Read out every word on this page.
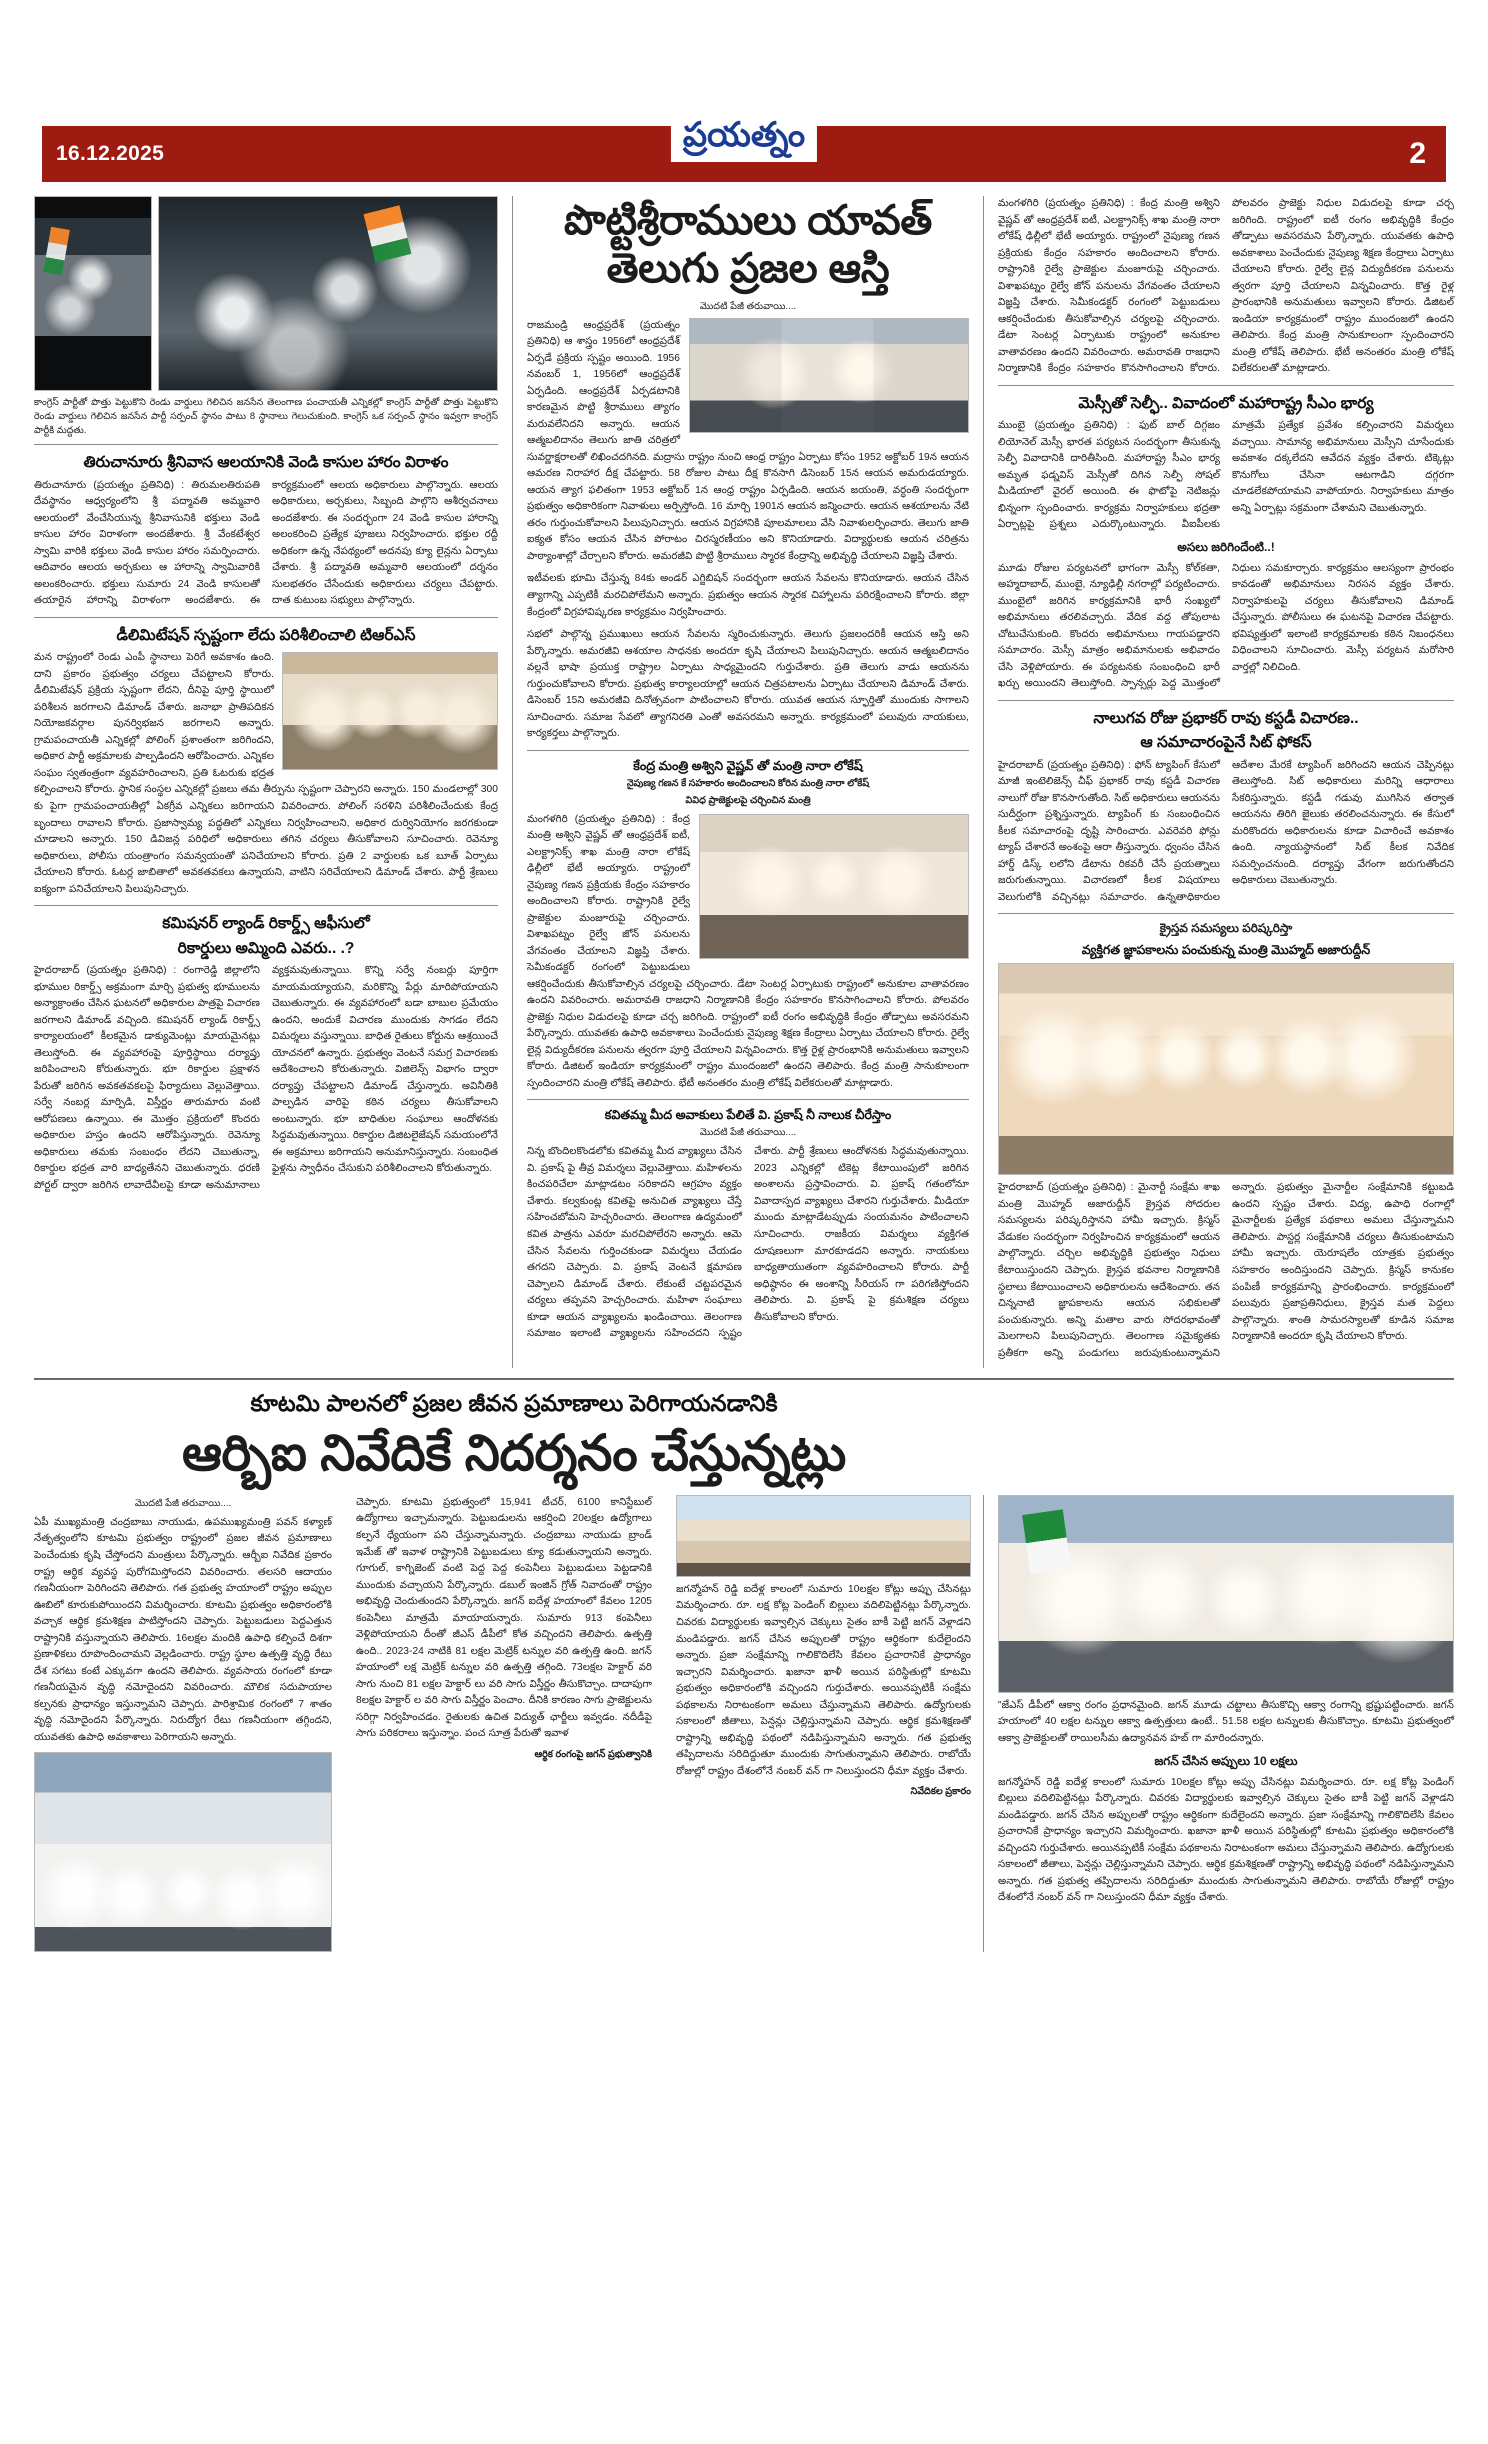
16.12.2025	ప్రయత్నం	2
కాంగ్రెస్ పార్టీతో పొత్తు పెట్టుకొని రెండు వార్డులు గెలిచిన జనసేన తెలంగాణ పంచాయతీ ఎన్నికల్లో కాంగ్రెస్ పార్టీతో పొత్తు పెట్టుకొని రెండు వార్డులు గెలిచిన జనసేన పార్టీ సర్పంచ్ స్థానం పాటు 8 స్థానాలు గెలుచుకుంది. కాంగ్రెస్ ఒక సర్పంచ్ స్థానం ఇవ్వగా కాంగ్రెస్ పార్టీకి మద్దతు.
తిరుచానూరు శ్రీనివాస ఆలయానికి వెండి కాసుల హారం విరాళం
తిరుచానూరు (ప్రయత్నం ప్రతినిధి) : తిరుమలతిరుపతి దేవస్థానం ఆధ్వర్యంలోని శ్రీ పద్మావతి అమ్మవారి ఆలయంలో వేంచేసియున్న శ్రీనివాసునికి భక్తులు వెండి కాసుల హారం విరాళంగా అందజేశారు. శ్రీ వేంకటేశ్వర స్వామి వారికి భక్తులు వెండి కాసుల హారం సమర్పించారు. ఆదివారం ఆలయ అర్చకులు ఆ హారాన్ని స్వామివారికి అలంకరించారు. భక్తులు సుమారు 24 వెండి కాసులతో తయారైన హారాన్ని విరాళంగా అందజేశారు. ఈ కార్యక్రమంలో ఆలయ అధికారులు పాల్గొన్నారు. ఆలయ అధికారులు, అర్చకులు, సిబ్బంది పాల్గొని ఆశీర్వచనాలు అందజేశారు. ఈ సందర్భంగా 24 వెండి కాసుల హారాన్ని అలంకరించి ప్రత్యేక పూజలు నిర్వహించారు. భక్తుల రద్దీ అధికంగా ఉన్న నేపథ్యంలో అదనపు క్యూ లైన్లను ఏర్పాటు చేశారు. శ్రీ పద్మావతి అమ్మవారి ఆలయంలో దర్శనం సులభతరం చేసేందుకు అధికారులు చర్యలు చేపట్టారు. దాత కుటుంబ సభ్యులు పాల్గొన్నారు.
డీలిమిటేషన్ స్పష్టంగా లేదు పరిశీలించాలి టిఆర్ఎస్
మన రాష్ట్రంలో రెండు ఎంపీ స్థానాలు పెరిగే అవకాశం ఉంది. దాని ప్రకారం ప్రభుత్వం చర్యలు చేపట్టాలని కోరారు. డీలిమిటేషన్ ప్రక్రియ స్పష్టంగా లేదని, దీనిపై పూర్తి స్థాయిలో పరిశీలన జరగాలని డిమాండ్ చేశారు. జనాభా ప్రాతిపదికన నియోజకవర్గాల పునర్విభజన జరగాలని అన్నారు. గ్రామపంచాయతీ ఎన్నికల్లో పోలింగ్ ప్రశాంతంగా జరిగిందని, అధికార పార్టీ అక్రమాలకు పాల్పడిందని ఆరోపించారు. ఎన్నికల సంఘం స్వతంత్రంగా వ్యవహరించాలని, ప్రతి ఓటరుకు భద్రత కల్పించాలని కోరారు. స్థానిక సంస్థల ఎన్నికల్లో ప్రజలు తమ తీర్పును స్పష్టంగా చెప్పారని అన్నారు. 150 మండలాల్లో 300 కు పైగా గ్రామపంచాయతీల్లో ఏకగ్రీవ ఎన్నికలు జరిగాయని వివరించారు. పోలింగ్ సరళిని పరిశీలించేందుకు కేంద్ర బృందాలు రావాలని కోరారు. ప్రజాస్వామ్య పద్ధతిలో ఎన్నికలు నిర్వహించాలని, అధికార దుర్వినియోగం జరగకుండా చూడాలని అన్నారు. 150 డివిజన్ల పరిధిలో అధికారులు తగిన చర్యలు తీసుకోవాలని సూచించారు. రెవెన్యూ అధికారులు, పోలీసు యంత్రాంగం సమన్వయంతో పనిచేయాలని కోరారు. ప్రతి 2 వార్డులకు ఒక బూత్ ఏర్పాటు చేయాలని కోరారు. ఓటర్ల జాబితాలో అవకతవకలు ఉన్నాయని, వాటిని సరిచేయాలని డిమాండ్ చేశారు. పార్టీ శ్రేణులు ఐక్యంగా పనిచేయాలని పిలుపునిచ్చారు.
కమిషనర్ ల్యాండ్ రికార్డ్స్ ఆఫీసులో
రికార్డులు అమ్మింది ఎవరు.. .?
హైదరాబాద్ (ప్రయత్నం ప్రతినిధి) : రంగారెడ్డి జిల్లాలోని భూముల రికార్డ్స్ అక్రమంగా మార్చి ప్రభుత్వ భూములను అన్యాక్రాంతం చేసిన ఘటనలో అధికారుల పాత్రపై విచారణ జరగాలని డిమాండ్ వచ్చింది. కమిషనర్ ల్యాండ్ రికార్డ్స్ కార్యాలయంలో కీలకమైన డాక్యుమెంట్లు మాయమైనట్లు తెలుస్తోంది. ఈ వ్యవహారంపై పూర్తిస్థాయి దర్యాప్తు జరిపించాలని కోరుతున్నారు. భూ రికార్డుల ప్రక్షాళన పేరుతో జరిగిన అవకతవకలపై ఫిర్యాదులు వెల్లువెత్తాయి. సర్వే నంబర్ల మార్పిడి, విస్తీర్ణం తారుమారు వంటి ఆరోపణలు ఉన్నాయి. ఈ మొత్తం ప్రక్రియలో కొందరు అధికారుల హస్తం ఉందని ఆరోపిస్తున్నారు. రెవెన్యూ అధికారులు తమకు సంబంధం లేదని చెబుతున్నా, రికార్డుల భద్రత వారి బాధ్యతేనని చెబుతున్నారు. ధరణి పోర్టల్ ద్వారా జరిగిన లావాదేవీలపై కూడా అనుమానాలు వ్యక్తమవుతున్నాయి. కొన్ని సర్వే నంబర్లు పూర్తిగా మాయమయ్యాయని, మరికొన్ని పేర్లు మారిపోయాయని చెబుతున్నారు. ఈ వ్యవహారంలో బడా బాబుల ప్రమేయం ఉందని, అందుకే విచారణ ముందుకు సాగడం లేదని విమర్శలు వస్తున్నాయి. బాధిత రైతులు కోర్టును ఆశ్రయించే యోచనలో ఉన్నారు. ప్రభుత్వం వెంటనే సమగ్ర విచారణకు ఆదేశించాలని కోరుతున్నారు. విజిలెన్స్ విభాగం ద్వారా దర్యాప్తు చేపట్టాలని డిమాండ్ చేస్తున్నారు. అవినీతికి పాల్పడిన వారిపై కఠిన చర్యలు తీసుకోవాలని అంటున్నారు. భూ బాధితుల సంఘాలు ఆందోళనకు సిద్ధమవుతున్నాయి. రికార్డుల డిజిటలైజేషన్ సమయంలోనే ఈ అక్రమాలు జరిగాయని అనుమానిస్తున్నారు. సంబంధిత ఫైళ్లను స్వాధీనం చేసుకుని పరిశీలించాలని కోరుతున్నారు.
పొట్టిశ్రీరాములు యావత్ తెలుగు ప్రజల ఆస్తి
మొదటి పేజీ తరువాయి....
రాజమండ్రి ఆంధ్రప్రదేశ్ (ప్రయత్నం ప్రతినిధి) ఆ శాస్త్రం 1956లో ఆంధ్రప్రదేశ్ ఏర్పడే ప్రక్రియ స్పష్టం అయింది. 1956 నవంబర్ 1, 1956లో ఆంధ్రప్రదేశ్ ఏర్పడింది. ఆంధ్రప్రదేశ్ ఏర్పడటానికి కారణమైన పొట్టి శ్రీరాములు త్యాగం మరువలేనిదని అన్నారు. ఆయన ఆత్మబలిదానం తెలుగు జాతి చరిత్రలో సువర్ణాక్షరాలతో లిఖించదగినది. మద్రాసు రాష్ట్రం నుంచి ఆంధ్ర రాష్ట్రం ఏర్పాటు కోసం 1952 అక్టోబర్ 19న ఆయన ఆమరణ నిరాహార దీక్ష చేపట్టారు. 58 రోజుల పాటు దీక్ష కొనసాగి డిసెంబర్ 15న ఆయన అమరుడయ్యారు. ఆయన త్యాగ ఫలితంగా 1953 అక్టోబర్ 1న ఆంధ్ర రాష్ట్రం ఏర్పడింది. ఆయన జయంతి, వర్ధంతి సందర్భంగా ప్రభుత్వం అధికారికంగా నివాళులు అర్పిస్తోంది. 16 మార్చి 1901న ఆయన జన్మించారు. ఆయన ఆశయాలను నేటి తరం గుర్తుంచుకోవాలని పిలుపునిచ్చారు. ఆయన విగ్రహానికి పూలమాలలు వేసి నివాళులర్పించారు. తెలుగు జాతి ఐక్యత కోసం ఆయన చేసిన పోరాటం చిరస్మరణీయం అని కొనియాడారు. విద్యార్థులకు ఆయన చరిత్రను పాఠ్యాంశాల్లో చేర్చాలని కోరారు. అమరజీవి పొట్టి శ్రీరాములు స్మారక కేంద్రాన్ని అభివృద్ధి చేయాలని విజ్ఞప్తి చేశారు.
ఇటీవలకు భూమి చేస్తున్న 84కు అండర్ ఎగ్జిబిషన్ సందర్భంగా ఆయన సేవలను కొనియాడారు. ఆయన చేసిన త్యాగాన్ని ఎప్పటికీ మరచిపోలేమని అన్నారు. ప్రభుత్వం ఆయన స్మారక చిహ్నాలను పరిరక్షించాలని కోరారు. జిల్లా కేంద్రంలో విగ్రహావిష్కరణ కార్యక్రమం నిర్వహించారు.
సభలో పాల్గొన్న ప్రముఖులు ఆయన సేవలను స్మరించుకున్నారు. తెలుగు ప్రజలందరికీ ఆయన ఆస్తి అని పేర్కొన్నారు. అమరజీవి ఆశయాల సాధనకు అందరూ కృషి చేయాలని పిలుపునిచ్చారు. ఆయన ఆత్మబలిదానం వల్లనే భాషా ప్రయుక్త రాష్ట్రాల ఏర్పాటు సాధ్యమైందని గుర్తుచేశారు. ప్రతి తెలుగు వాడు ఆయనను గుర్తుంచుకోవాలని కోరారు. ప్రభుత్వ కార్యాలయాల్లో ఆయన చిత్రపటాలను ఏర్పాటు చేయాలని డిమాండ్ చేశారు. డిసెంబర్ 15ని అమరజీవి దినోత్సవంగా పాటించాలని కోరారు. యువత ఆయన స్ఫూర్తితో ముందుకు సాగాలని సూచించారు. సమాజ సేవలో త్యాగనిరతి ఎంతో అవసరమని అన్నారు. కార్యక్రమంలో పలువురు నాయకులు, కార్యకర్తలు పాల్గొన్నారు.
కేంద్ర మంత్రి అశ్విని వైష్ణవ్ తో మంత్రి నారా లోకేష్
నైపుణ్య గణన కే సహకారం అందించాలని కోరిన మంత్రి నారా లోకేష్
వివిధ ప్రాజెక్టులపై చర్చించిన మంత్రి
మంగళగిరి (ప్రయత్నం ప్రతినిధి) : కేంద్ర మంత్రి అశ్విని వైష్ణవ్ తో ఆంధ్రప్రదేశ్ ఐటీ, ఎలక్ట్రానిక్స్ శాఖ మంత్రి నారా లోకేష్ ఢిల్లీలో భేటీ అయ్యారు. రాష్ట్రంలో నైపుణ్య గణన ప్రక్రియకు కేంద్రం సహకారం అందించాలని కోరారు. రాష్ట్రానికి రైల్వే ప్రాజెక్టుల మంజూరుపై చర్చించారు. విశాఖపట్నం రైల్వే జోన్ పనులను వేగవంతం చేయాలని విజ్ఞప్తి చేశారు. సెమీకండక్టర్ రంగంలో పెట్టుబడులు ఆకర్షించేందుకు తీసుకోవాల్సిన చర్యలపై చర్చించారు. డేటా సెంటర్ల ఏర్పాటుకు రాష్ట్రంలో అనుకూల వాతావరణం ఉందని వివరించారు. అమరావతి రాజధాని నిర్మాణానికి కేంద్రం సహకారం కొనసాగించాలని కోరారు. పోలవరం ప్రాజెక్టు నిధుల విడుదలపై కూడా చర్చ జరిగింది. రాష్ట్రంలో ఐటీ రంగం అభివృద్ధికి కేంద్రం తోడ్పాటు అవసరమని పేర్కొన్నారు. యువతకు ఉపాధి అవకాశాలు పెంచేందుకు నైపుణ్య శిక్షణ కేంద్రాలు ఏర్పాటు చేయాలని కోరారు. రైల్వే లైన్ల విద్యుదీకరణ పనులను త్వరగా పూర్తి చేయాలని విన్నవించారు. కొత్త రైళ్ల ప్రారంభానికి అనుమతులు ఇవ్వాలని కోరారు. డిజిటల్ ఇండియా కార్యక్రమంలో రాష్ట్రం ముందంజలో ఉందని తెలిపారు. కేంద్ర మంత్రి సానుకూలంగా స్పందించారని మంత్రి లోకేష్ తెలిపారు. భేటీ అనంతరం మంత్రి లోకేష్ విలేకరులతో మాట్లాడారు.
కవితమ్మ మీద అవాకులు పేలితే వి. ప్రకాష్ నీ నాలుక చీరేస్తాం
మొదటి పేజీ తరువాయి....
నిన్న బొందిలకొండలోకు కవితమ్మ మీద వ్యాఖ్యలు చేసిన వి. ప్రకాష్ పై తీవ్ర విమర్శలు వెల్లువెత్తాయి. మహిళలను కించపరిచేలా మాట్లాడటం సరికాదని ఆగ్రహం వ్యక్తం చేశారు. కల్వకుంట్ల కవితపై అనుచిత వ్యాఖ్యలు చేస్తే సహించబోమని హెచ్చరించారు. తెలంగాణ ఉద్యమంలో కవిత పాత్రను ఎవరూ మరచిపోలేరని అన్నారు. ఆమె చేసిన సేవలను గుర్తించకుండా విమర్శలు చేయడం తగదని చెప్పారు. వి. ప్రకాష్ వెంటనే క్షమాపణ చెప్పాలని డిమాండ్ చేశారు. లేకుంటే చట్టపరమైన చర్యలు తప్పవని హెచ్చరించారు. మహిళా సంఘాలు కూడా ఆయన వ్యాఖ్యలను ఖండించాయి. తెలంగాణ సమాజం ఇలాంటి వ్యాఖ్యలను సహించదని స్పష్టం చేశారు. పార్టీ శ్రేణులు ఆందోళనకు సిద్ధమవుతున్నాయి. 2023 ఎన్నికల్లో టికెట్ల కేటాయింపులో జరిగిన అంశాలను ప్రస్తావించారు. వి. ప్రకాష్ గతంలోనూ వివాదాస్పద వ్యాఖ్యలు చేశారని గుర్తుచేశారు. మీడియా ముందు మాట్లాడేటప్పుడు సంయమనం పాటించాలని సూచించారు. రాజకీయ విమర్శలు వ్యక్తిగత దూషణలుగా మారకూడదని అన్నారు. నాయకులు బాధ్యతాయుతంగా వ్యవహరించాలని కోరారు. పార్టీ అధిష్ఠానం ఈ అంశాన్ని సీరియస్ గా పరిగణిస్తోందని తెలిపారు. వి. ప్రకాష్ పై క్రమశిక్షణ చర్యలు తీసుకోవాలని కోరారు.
మంగళగిరి (ప్రయత్నం ప్రతినిధి) : కేంద్ర మంత్రి అశ్విని వైష్ణవ్ తో ఆంధ్రప్రదేశ్ ఐటీ, ఎలక్ట్రానిక్స్ శాఖ మంత్రి నారా లోకేష్ ఢిల్లీలో భేటీ అయ్యారు. రాష్ట్రంలో నైపుణ్య గణన ప్రక్రియకు కేంద్రం సహకారం అందించాలని కోరారు. రాష్ట్రానికి రైల్వే ప్రాజెక్టుల మంజూరుపై చర్చించారు. విశాఖపట్నం రైల్వే జోన్ పనులను వేగవంతం చేయాలని విజ్ఞప్తి చేశారు. సెమీకండక్టర్ రంగంలో పెట్టుబడులు ఆకర్షించేందుకు తీసుకోవాల్సిన చర్యలపై చర్చించారు. డేటా సెంటర్ల ఏర్పాటుకు రాష్ట్రంలో అనుకూల వాతావరణం ఉందని వివరించారు. అమరావతి రాజధాని నిర్మాణానికి కేంద్రం సహకారం కొనసాగించాలని కోరారు. పోలవరం ప్రాజెక్టు నిధుల విడుదలపై కూడా చర్చ జరిగింది. రాష్ట్రంలో ఐటీ రంగం అభివృద్ధికి కేంద్రం తోడ్పాటు అవసరమని పేర్కొన్నారు. యువతకు ఉపాధి అవకాశాలు పెంచేందుకు నైపుణ్య శిక్షణ కేంద్రాలు ఏర్పాటు చేయాలని కోరారు. రైల్వే లైన్ల విద్యుదీకరణ పనులను త్వరగా పూర్తి చేయాలని విన్నవించారు. కొత్త రైళ్ల ప్రారంభానికి అనుమతులు ఇవ్వాలని కోరారు. డిజిటల్ ఇండియా కార్యక్రమంలో రాష్ట్రం ముందంజలో ఉందని తెలిపారు. కేంద్ర మంత్రి సానుకూలంగా స్పందించారని మంత్రి లోకేష్ తెలిపారు. భేటీ అనంతరం మంత్రి లోకేష్ విలేకరులతో మాట్లాడారు.
మెస్సీతో సెల్ఫీ.. వివాదంలో మహారాష్ట్ర సీఎం భార్య
ముంబై (ప్రయత్నం ప్రతినిధి) : ఫుట్ బాల్ దిగ్గజం లియోనెల్ మెస్సీ భారత పర్యటన సందర్భంగా తీసుకున్న సెల్ఫీ వివాదానికి దారితీసింది. మహారాష్ట్ర సీఎం భార్య అమృత ఫడ్నవిస్ మెస్సీతో దిగిన సెల్ఫీ సోషల్ మీడియాలో వైరల్ అయింది. ఈ ఫొటోపై నెటిజన్లు భిన్నంగా స్పందించారు. కార్యక్రమ నిర్వాహకులు భద్రతా ఏర్పాట్లపై ప్రశ్నలు ఎదుర్కొంటున్నారు. వీఐపీలకు మాత్రమే ప్రత్యేక ప్రవేశం కల్పించారని విమర్శలు వచ్చాయి. సామాన్య అభిమానులు మెస్సీని చూసేందుకు అవకాశం దక్కలేదని ఆవేదన వ్యక్తం చేశారు. టిక్కెట్లు కొనుగోలు చేసినా ఆటగాడిని దగ్గరగా చూడలేకపోయామని వాపోయారు. నిర్వాహకులు మాత్రం అన్ని ఏర్పాట్లు సక్రమంగా చేశామని చెబుతున్నారు.
అసలు జరిగిందేంటి..!
మూడు రోజుల పర్యటనలో భాగంగా మెస్సీ కోల్‌కతా, అహ్మదాబాద్, ముంబై, న్యూఢిల్లీ నగరాల్లో పర్యటించారు. ముంబైలో జరిగిన కార్యక్రమానికి భారీ సంఖ్యలో అభిమానులు తరలివచ్చారు. వేదిక వద్ద తోపులాట చోటుచేసుకుంది. కొందరు అభిమానులు గాయపడ్డారని సమాచారం. మెస్సీ మాత్రం అభిమానులకు అభివాదం చేసి వెళ్లిపోయారు. ఈ పర్యటనకు సంబంధించి భారీ ఖర్చు అయిందని తెలుస్తోంది. స్పాన్సర్లు పెద్ద మొత్తంలో నిధులు సమకూర్చారు. కార్యక్రమం ఆలస్యంగా ప్రారంభం కావడంతో అభిమానులు నిరసన వ్యక్తం చేశారు. నిర్వాహకులపై చర్యలు తీసుకోవాలని డిమాండ్ చేస్తున్నారు. పోలీసులు ఈ ఘటనపై విచారణ చేపట్టారు. భవిష్యత్తులో ఇలాంటి కార్యక్రమాలకు కఠిన నిబంధనలు విధించాలని సూచించారు. మెస్సీ పర్యటన మరోసారి వార్తల్లో నిలిచింది.
నాలుగవ రోజు ప్రభాకర్ రావు కస్టడీ విచారణ..
ఆ సమాచారంపైనే సిట్ ఫోకస్
హైదరాబాద్ (ప్రయత్నం ప్రతినిధి) : ఫోన్ ట్యాపింగ్ కేసులో మాజీ ఇంటెలిజెన్స్ చీఫ్ ప్రభాకర్ రావు కస్టడీ విచారణ నాలుగో రోజు కొనసాగుతోంది. సిట్ అధికారులు ఆయనను సుదీర్ఘంగా ప్రశ్నిస్తున్నారు. ట్యాపింగ్ కు సంబంధించిన కీలక సమాచారంపై దృష్టి సారించారు. ఎవరెవరి ఫోన్లు ట్యాప్ చేశారనే అంశంపై ఆరా తీస్తున్నారు. ధ్వంసం చేసిన హార్డ్ డిస్క్ లలోని డేటాను రికవరీ చేసే ప్రయత్నాలు జరుగుతున్నాయి. విచారణలో కీలక విషయాలు వెలుగులోకి వచ్చినట్లు సమాచారం. ఉన్నతాధికారుల ఆదేశాల మేరకే ట్యాపింగ్ జరిగిందని ఆయన చెప్పినట్లు తెలుస్తోంది. సిట్ అధికారులు మరిన్ని ఆధారాలు సేకరిస్తున్నారు. కస్టడీ గడువు ముగిసిన తర్వాత ఆయనను తిరిగి జైలుకు తరలించనున్నారు. ఈ కేసులో మరికొందరు అధికారులను కూడా విచారించే అవకాశం ఉంది. న్యాయస్థానంలో సిట్ కీలక నివేదిక సమర్పించనుంది. దర్యాప్తు వేగంగా జరుగుతోందని అధికారులు చెబుతున్నారు.
క్రైస్తవ సమస్యలు పరిష్కరిస్తా
వ్యక్తిగత జ్ఞాపకాలను పంచుకున్న మంత్రి మొహ్మద్ అజారుద్దీన్
హైదరాబాద్ (ప్రయత్నం ప్రతినిధి) : మైనార్టీ సంక్షేమ శాఖ మంత్రి మొహ్మద్ అజారుద్దీన్ క్రైస్తవ సోదరుల సమస్యలను పరిష్కరిస్తానని హామీ ఇచ్చారు. క్రిస్మస్ వేడుకల సందర్భంగా నిర్వహించిన కార్యక్రమంలో ఆయన పాల్గొన్నారు. చర్చిల అభివృద్ధికి ప్రభుత్వం నిధులు కేటాయిస్తుందని చెప్పారు. క్రైస్తవ భవనాల నిర్మాణానికి స్థలాలు కేటాయించాలని అధికారులను ఆదేశించారు. తన చిన్ననాటి జ్ఞాపకాలను ఆయన సభికులతో పంచుకున్నారు. అన్ని మతాల వారు సోదరభావంతో మెలగాలని పిలుపునిచ్చారు. తెలంగాణ సమైక్యతకు ప్రతీకగా అన్ని పండుగలు జరుపుకుంటున్నామని అన్నారు. ప్రభుత్వం మైనార్టీల సంక్షేమానికి కట్టుబడి ఉందని స్పష్టం చేశారు. విద్య, ఉపాధి రంగాల్లో మైనార్టీలకు ప్రత్యేక పథకాలు అమలు చేస్తున్నామని తెలిపారు. పాస్టర్ల సంక్షేమానికి చర్యలు తీసుకుంటామని హామీ ఇచ్చారు. యెరూషలేం యాత్రకు ప్రభుత్వం సహకారం అందిస్తుందని చెప్పారు. క్రిస్మస్ కానుకల పంపిణీ కార్యక్రమాన్ని ప్రారంభించారు. కార్యక్రమంలో పలువురు ప్రజాప్రతినిధులు, క్రైస్తవ మత పెద్దలు పాల్గొన్నారు. శాంతి సామరస్యాలతో కూడిన సమాజ నిర్మాణానికి అందరూ కృషి చేయాలని కోరారు.
కూటమి పాలనలో ప్రజల జీవన ప్రమాణాలు పెరిగాయనడానికి
ఆర్బిఐ నివేదికే నిదర్శనం చేస్తున్నట్లు
మొదటి పేజీ తరువాయి....
ఏపీ ముఖ్యమంత్రి చంద్రబాబు నాయుడు, ఉపముఖ్యమంత్రి పవన్ కళ్యాణ్ నేతృత్వంలోని కూటమి ప్రభుత్వం రాష్ట్రంలో ప్రజల జీవన ప్రమాణాలు పెంచేందుకు కృషి చేస్తోందని మంత్రులు పేర్కొన్నారు. ఆర్బీఐ నివేదిక ప్రకారం రాష్ట్ర ఆర్థిక వ్యవస్థ పురోగమిస్తోందని వివరించారు. తలసరి ఆదాయం గణనీయంగా పెరిగిందని తెలిపారు. గత ప్రభుత్వ హయాంలో రాష్ట్రం అప్పుల ఊబిలో కూరుకుపోయిందని విమర్శించారు. కూటమి ప్రభుత్వం అధికారంలోకి వచ్చాక ఆర్థిక క్రమశిక్షణ పాటిస్తోందని చెప్పారు. పెట్టుబడులు పెద్దఎత్తున రాష్ట్రానికి వస్తున్నాయని తెలిపారు. 16లక్షల మందికి ఉపాధి కల్పించే దిశగా ప్రణాళికలు రూపొందించామని వెల్లడించారు. రాష్ట్ర స్థూల ఉత్పత్తి వృద్ధి రేటు దేశ సగటు కంటే ఎక్కువగా ఉందని తెలిపారు. వ్యవసాయ రంగంలో కూడా గణనీయమైన వృద్ధి నమోదైందని వివరించారు. మౌలిక సదుపాయాల కల్పనకు ప్రాధాన్యం ఇస్తున్నామని చెప్పారు. పారిశ్రామిక రంగంలో 7 శాతం వృద్ధి నమోదైందని పేర్కొన్నారు. నిరుద్యోగ రేటు గణనీయంగా తగ్గిందని, యువతకు ఉపాధి అవకాశాలు పెరిగాయని అన్నారు.
చెప్పారు. కూటమి ప్రభుత్వంలో 15,941 టీచర్, 6100 కానిస్టేబుల్ ఉద్యోగాలు ఇచ్చామన్నారు. పెట్టుబడులను ఆకర్షించి 20లక్షల ఉద్యోగాలు కల్పనే ధ్యేయంగా పని చేస్తున్నామన్నారు. చంద్రబాబు నాయుడు బ్రాండ్ ఇమేజ్ తో ఇవాళ రాష్ట్రానికి పెట్టుబడులు క్యూ కడుతున్నాయని అన్నారు. గూగుల్, కాగ్నిజెంట్ వంటి పెద్ద పెద్ద కంపెనీలు పెట్టుబడులు పెట్టడానికి ముందుకు వచ్చాయని పేర్కొన్నారు. డబుల్ ఇంజిన్ గ్రోత్ నివాదంతో రాష్ట్రం అభివృద్ధి చెందుతుందని పేర్కొన్నారు. జగన్ ఐదేళ్ల హయాంలో కేవలం 1205 కంపెనీలు మాత్రమే మాయాయన్నారు. సుమారు 913 కంపెనీలు వెళ్లిపోయాయని దీంతో జీఎస్ డీపీలో కోత వచ్చిందని తెలిపారు. ఉత్పత్తి ఉంది.. 2023-24 నాటికి 81 లక్షల మెట్రిక్ టన్నుల వరి ఉత్పత్తి ఉంది. జగన్ హయాంలో లక్ష మెట్రిక్ టన్నుల వరి ఉత్పత్తి తగ్గింది. 73లక్షల హెక్టార్ వరి సాగు నుంచి 81 లక్షల హెక్టార్ లు వరి సాగు విస్తీర్ణం తీసుకొచ్చాం. దాదాపుగా 8లక్షల హెక్టార్ ల వరి సాగు విస్తీర్ణం పెంచాం. దీనికి కారణం సాగు ప్రాజెక్టులను సరిగ్గా నిర్వహించడం. రైతులకు ఉచిత విద్యుత్ ఛార్జీలు ఇవ్వడం. నదీడీపై సాగు పరికరాలు ఇస్తున్నాం. పంచ సూత్ర పేరుతో ఇవాళ
ఆర్థిక రంగంపై జగన్ ప్రభుత్వానికి
జగన్మోహన్ రెడ్డి ఐదేళ్ల కాలంలో సుమారు 10లక్షల కోట్లు అప్పు చేసినట్లు విమర్శించారు. రూ. లక్ష కోట్ల పెండింగ్ బిల్లులు వదిలిపెట్టినట్లు పేర్కొన్నారు. చివరకు విద్యార్థులకు ఇవ్వాల్సిన చెక్కులు సైతం బాకీ పెట్టి జగన్ వెళ్లాడని మండిపడ్డారు. జగన్ చేసిన అప్పులతో రాష్ట్రం ఆర్థికంగా కుదేలైందని అన్నారు. ప్రజా సంక్షేమాన్ని గాలికొదిలేసి కేవలం ప్రచారానికే ప్రాధాన్యం ఇచ్చారని విమర్శించారు. ఖజానా ఖాళీ అయిన పరిస్థితుల్లో కూటమి ప్రభుత్వం అధికారంలోకి వచ్చిందని గుర్తుచేశారు. అయినప్పటికీ సంక్షేమ పథకాలను నిరాటంకంగా అమలు చేస్తున్నామని తెలిపారు. ఉద్యోగులకు సకాలంలో జీతాలు, పెన్షన్లు చెల్లిస్తున్నామని చెప్పారు. ఆర్థిక క్రమశిక్షణతో రాష్ట్రాన్ని అభివృద్ధి పథంలో నడిపిస్తున్నామని అన్నారు. గత ప్రభుత్వ తప్పిదాలను సరిదిద్దుతూ ముందుకు సాగుతున్నామని తెలిపారు. రాబోయే రోజుల్లో రాష్ట్రం దేశంలోనే నంబర్ వన్ గా నిలుస్తుందని ధీమా వ్యక్తం చేశారు.
నివేదికల ప్రకారం
"జేఎస్ డీపీలో ఆక్వా రంగం ప్రధానమైంది. జగన్ మూడు చట్టాలు తీసుకొచ్చి ఆక్వా రంగాన్ని భ్రష్టుపట్టించారు. జగన్ హయాంలో 40 లక్షల టన్నుల ఆక్వా ఉత్పత్తులు ఉంటే.. 51.58 లక్షల టన్నులకు తీసుకొచ్చాం. కూటమి ప్రభుత్వంలో ఆక్వా ప్రాజెక్టులతో రాయిలసీమ ఉద్యానవన హబ్ గా మారిందన్నారు.
జగన్ చేసిన అప్పులు 10 లక్షలు
జగన్మోహన్ రెడ్డి ఐదేళ్ల కాలంలో సుమారు 10లక్షల కోట్లు అప్పు చేసినట్లు విమర్శించారు. రూ. లక్ష కోట్ల పెండింగ్ బిల్లులు వదిలిపెట్టినట్లు పేర్కొన్నారు. చివరకు విద్యార్థులకు ఇవ్వాల్సిన చెక్కులు సైతం బాకీ పెట్టి జగన్ వెళ్లాడని మండిపడ్డారు. జగన్ చేసిన అప్పులతో రాష్ట్రం ఆర్థికంగా కుదేలైందని అన్నారు. ప్రజా సంక్షేమాన్ని గాలికొదిలేసి కేవలం ప్రచారానికే ప్రాధాన్యం ఇచ్చారని విమర్శించారు. ఖజానా ఖాళీ అయిన పరిస్థితుల్లో కూటమి ప్రభుత్వం అధికారంలోకి వచ్చిందని గుర్తుచేశారు. అయినప్పటికీ సంక్షేమ పథకాలను నిరాటంకంగా అమలు చేస్తున్నామని తెలిపారు. ఉద్యోగులకు సకాలంలో జీతాలు, పెన్షన్లు చెల్లిస్తున్నామని చెప్పారు. ఆర్థిక క్రమశిక్షణతో రాష్ట్రాన్ని అభివృద్ధి పథంలో నడిపిస్తున్నామని అన్నారు. గత ప్రభుత్వ తప్పిదాలను సరిదిద్దుతూ ముందుకు సాగుతున్నామని తెలిపారు. రాబోయే రోజుల్లో రాష్ట్రం దేశంలోనే నంబర్ వన్ గా నిలుస్తుందని ధీమా వ్యక్తం చేశారు.
